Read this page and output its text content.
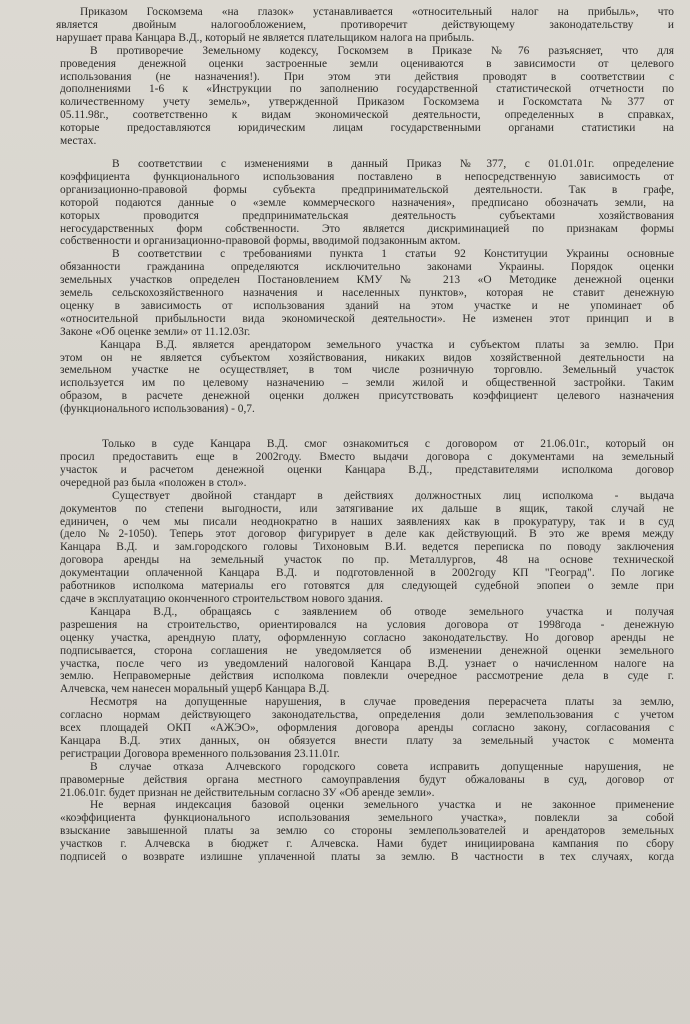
Приказом Госкомзема «на глазок» устанавливается «относительный налог на прибыль», что
является двойным налогообложением, противоречит действующему законодательству и
нарушает права Канцара В.Д., который не является плательщиком налога на прибыль.
В противоречие Земельному кодексу, Госкомзем в Приказе №76 разъясняет, что для
проведения денежной оценки застроенные земли оцениваются в зависимости от целевого
использования (не назначения!). При этом эти действия проводят в соответствии с
дополнениями 1-6 к «Инструкции по заполнению государственной статистической отчетности по
количественному учету земель», утвержденной Приказом Госкомзема и Госкомстата №377 от
05.11.98г., соответственно к видам экономической деятельности, определенных в справках,
которые предоставляются юридическим лицам государственными органами статистики на
местах.
В соответствии с изменениями в данный Приказ №377, с 01.01.01г. определение
коэффициента функционального использования поставлено в непосредственную зависимость от
организационно-правовой формы субъекта предпринимательской деятельности. Так в графе,
которой подаются данные о «земле коммерческого назначения», предписано обозначать земли, на
которых проводится предпринимательская деятельность субъектами хозяйствования
негосударственных форм собственности. Это является дискриминацией по признакам формы
собственности и организационно-правовой формы, вводимой подзаконным актом.
В соответствии с требованиями пункта 1 статьи 92 Конституции Украины основные
обязанности гражданина определяются исключительно законами Украины. Порядок оценки
земельных участков определен Постановлением КМУ № 213 «О Методике денежной оценки
земель сельскохозяйственного назначения и населенных пунктов», которая не ставит денежную
оценку в зависимость от использования зданий на этом участке и не упоминает об
«относительной прибыльности вида экономической деятельности». Не изменен этот принцип и в
Законе «Об оценке земли» от 11.12.03г.
Канцара В.Д. является арендатором земельного участка и субъектом платы за землю. При
этом он не является субъектом хозяйствования, никаких видов хозяйственной деятельности на
земельном участке не осуществляет, в том числе розничную торговлю. Земельный участок
используется им по целевому назначению – земли жилой и общественной застройки. Таким
образом, в расчете денежной оценки должен присутствовать коэффициент целевого назначения
(функционального использования) - 0,7.
Только в суде Канцара В.Д. смог ознакомиться с договором от 21.06.01г., который он
просил предоставить еще в 2002году. Вместо выдачи договора с документами на земельный
участок и расчетом денежной оценки Канцара В.Д., представителями исполкома договор
очередной раз была «положен в стол».
Существует двойной стандарт в действиях должностных лиц исполкома - выдача
документов по степени выгодности, или затягивание их дальше в ящик, такой случай не
единичен, о чем мы писали неоднократно в наших заявлениях как в прокуратуру, так и в суд
(дело №2-1050). Теперь этот договор фигурирует в деле как действующий. В это же время между
Канцара В.Д. и зам.городского головы Тихоновым В.И. ведется переписка по поводу заключения
договора аренды на земельный участок по пр. Металлургов, 48 на основе технической
документации оплаченной Канцара В.Д. и подготовленной в 2002году КП "Геоград". По логике
работников исполкома материалы его готовятся для следующей судебной эпопеи о земле при
сдаче в эксплуатацию оконченного строительством нового здания.
Канцара В.Д., обращаясь с заявлением об отводе земельного участка и получая
разрешения на строительство, ориентировался на условия договора от 1998года - денежную
оценку участка, арендную плату, оформленную согласно законодательству. Но договор аренды не
подписывается, сторона соглашения не уведомляется об изменении денежной оценки земельного
участка, после чего из уведомлений налоговой Канцара В.Д. узнает о начисленном налоге на
землю. Неправомерные действия исполкома повлекли очередное рассмотрение дела в суде г.
Алчевска, чем нанесен моральный ущерб Канцара В.Д.
Несмотря на допущенные нарушения, в случае проведения перерасчета платы за землю,
согласно нормам действующего законодательства, определения доли землепользования с учетом
всех площадей ОКП «АЖЭО», оформления договора аренды согласно закону, согласования с
Канцара В.Д. этих данных, он обязуется внести плату за земельный участок с момента
регистрации Договора временного пользования 23.11.01г.
В случае отказа Алчевского городского совета исправить допущенные нарушения, не
правомерные действия органа местного самоуправления будут обжалованы в суд, договор от
21.06.01г. будет признан не действительным согласно ЗУ «Об аренде земли».
Не верная индексация базовой оценки земельного участка и не законное применение
«коэффициента функционального использования земельного участка», повлекли за собой
взыскание завышенной платы за землю со стороны землепользователей и арендаторов земельных
участков г. Алчевска в бюджет г. Алчевска. Нами будет инициирована кампания по сбору
подписей о возврате излишне уплаченной платы за землю. В частности в тех случаях, когда
